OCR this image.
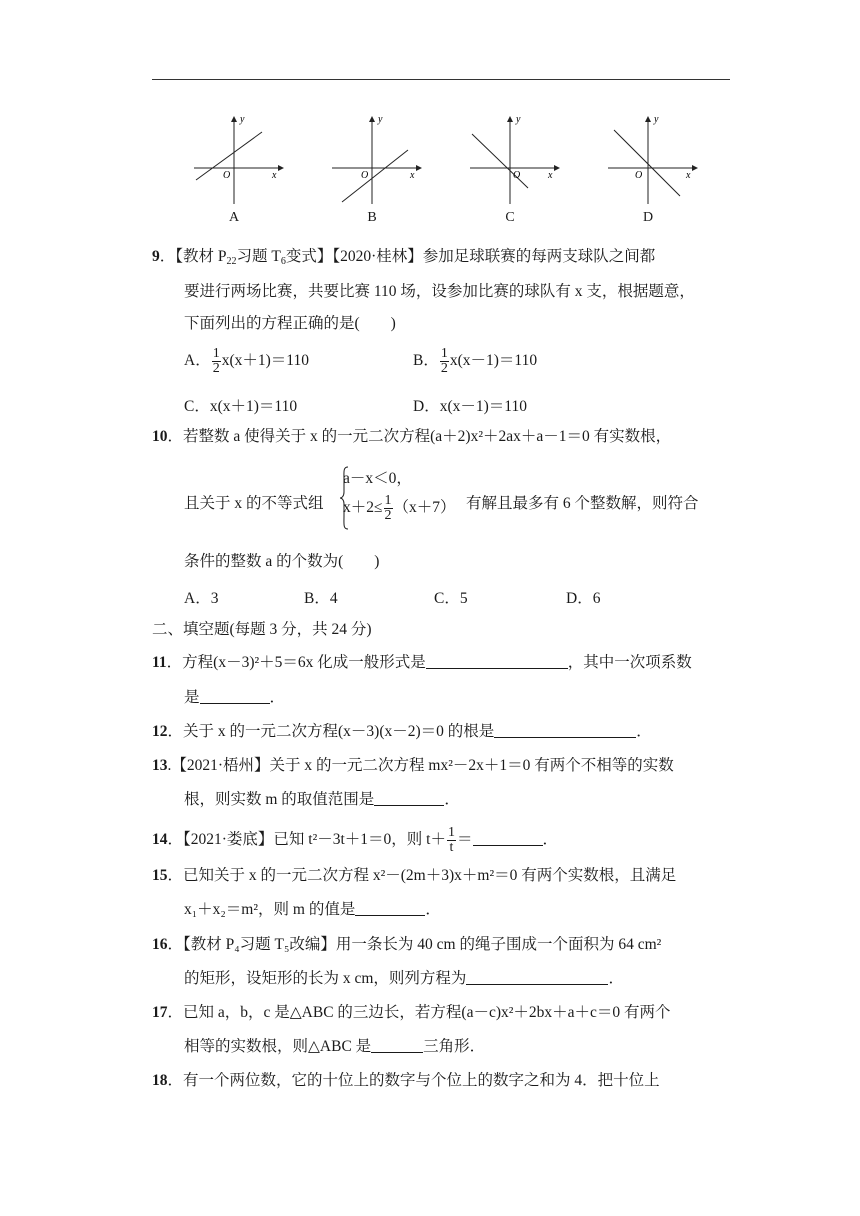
y
x
O
A
y
x
O
B
y
x
O
C
y
x
O
D
9．【教材 $P_{22}$习题 $T_6$变式】【2020·桂林】参加足球联赛的每两支球队之间都
要进行两场比赛，共要比赛 110 场，设参加比赛的球队有 x 支，根据题意，
下面列出的方程正确的是(　　)
A． $\frac{1}{2} x(x+1)=110$	B． $\frac{1}{2} x(x-1)=110$
C．x(x＋1)＝110	D．x(x－1)＝110
10．若整数 a 使得关于 x 的一元二次方程(a＋2)x²＋2ax＋a－1＝0 有实数根，
a－x＜0，
且关于 x 的不等式组 $x+2\le \frac{1}{2} (x+7)$ 有解且最多有 6 个整数解，则符合
条件的整数 a 的个数为(　　)
A．3	B．4	C．5	D．6
二、填空题(每题 3 分，共 24 分)
11．方程(x－3)²＋5＝6x 化成一般形式是	，其中一次项系数
是	．
12．关于 x 的一元二次方程(x－3)(x－2)＝0 的根是	．
13.【2021·梧州】关于 x 的一元二次方程 mx²－2x＋1＝0 有两个不相等的实数
根，则实数 m 的取值范围是	．
14．【2021·娄底】已知 t²－3t＋1＝0，则 $t+ \frac{1}{t}$ ＝	．
15．已知关于 x 的一元二次方程 x²－(2m＋3)x＋m²＝0 有两个实数根，且满足
x₁＋x₂＝m²，则 m 的值是	．
16．【教材 P₄习题 T₅改编】用一条长为 40 cm 的绳子围成一个面积为 64 cm²
的矩形，设矩形的长为 x cm，则列方程为	．
17．已知 a，b，c 是△ABC 的三边长，若方程(a－c)x²＋2bx＋a＋c＝0 有两个
相等的实数根，则△ABC 是	三角形．
18．有一个两位数，它的十位上的数字与个位上的数字之和为 4．把十位上
